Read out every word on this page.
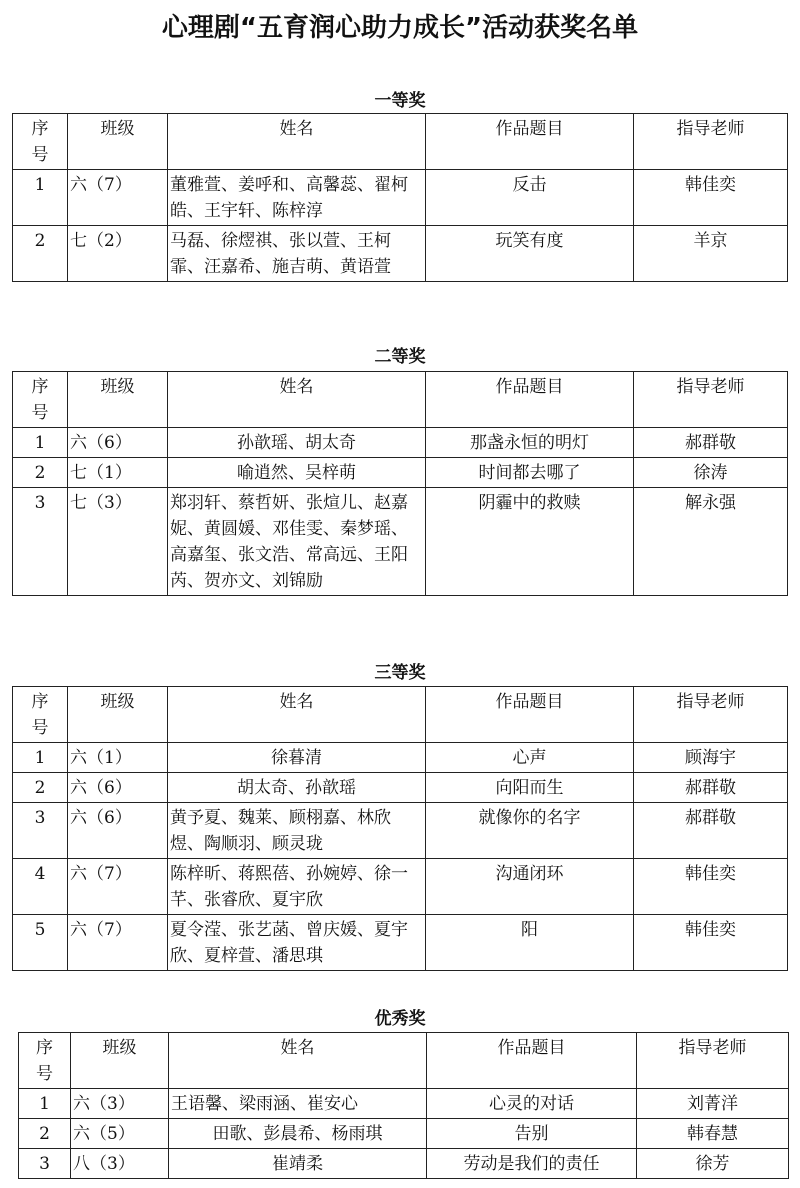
心理剧“五育润心助力成长”活动获奖名单
一等奖
序号	班级	姓名	作品题目	指导老师
1	六（7）	董雅萱、姜呼和、高馨蕊、翟柯皓、王宇轩、陈梓淳	反击	韩佳奕
2	七（2）	马磊、徐熤祺、张以萱、王柯霏、汪嘉希、施吉萌、黄语萱	玩笑有度	羊京
二等奖
序号	班级	姓名	作品题目	指导老师
1	六（6）	孙歆瑶、胡太奇	那盏永恒的明灯	郝群敬
2	七（1）	喻逍然、吴梓萌	时间都去哪了	徐涛
3	七（3）	郑羽轩、蔡哲妍、张煊儿、赵嘉妮、黄圆媛、邓佳雯、秦梦瑶、高嘉玺、张文浩、常高远、王阳芮、贺亦文、刘锦励	阴霾中的救赎	解永强
三等奖
序号	班级	姓名	作品题目	指导老师
1	六（1）	徐暮清	心声	顾海宇
2	六（6）	胡太奇、孙歆瑶	向阳而生	郝群敬
3	六（6）	黄予夏、魏莱、顾栩嘉、林欣煜、陶顺羽、顾灵珑	就像你的名字	郝群敬
4	六（7）	陈梓昕、蒋熙蓓、孙婉婷、徐一芊、张睿欣、夏宇欣	沟通闭环	韩佳奕
5	六（7）	夏令滢、张艺菡、曾庆媛、夏宇欣、夏梓萱、潘思琪	阳	韩佳奕
优秀奖
序号	班级	姓名	作品题目	指导老师
1	六（3）	王语馨、梁雨涵、崔安心	心灵的对话	刘菁洋
2	六（5）	田歌、彭晨希、杨雨琪	告别	韩春慧
3	八（3）	崔靖柔	劳动是我们的责任	徐芳
